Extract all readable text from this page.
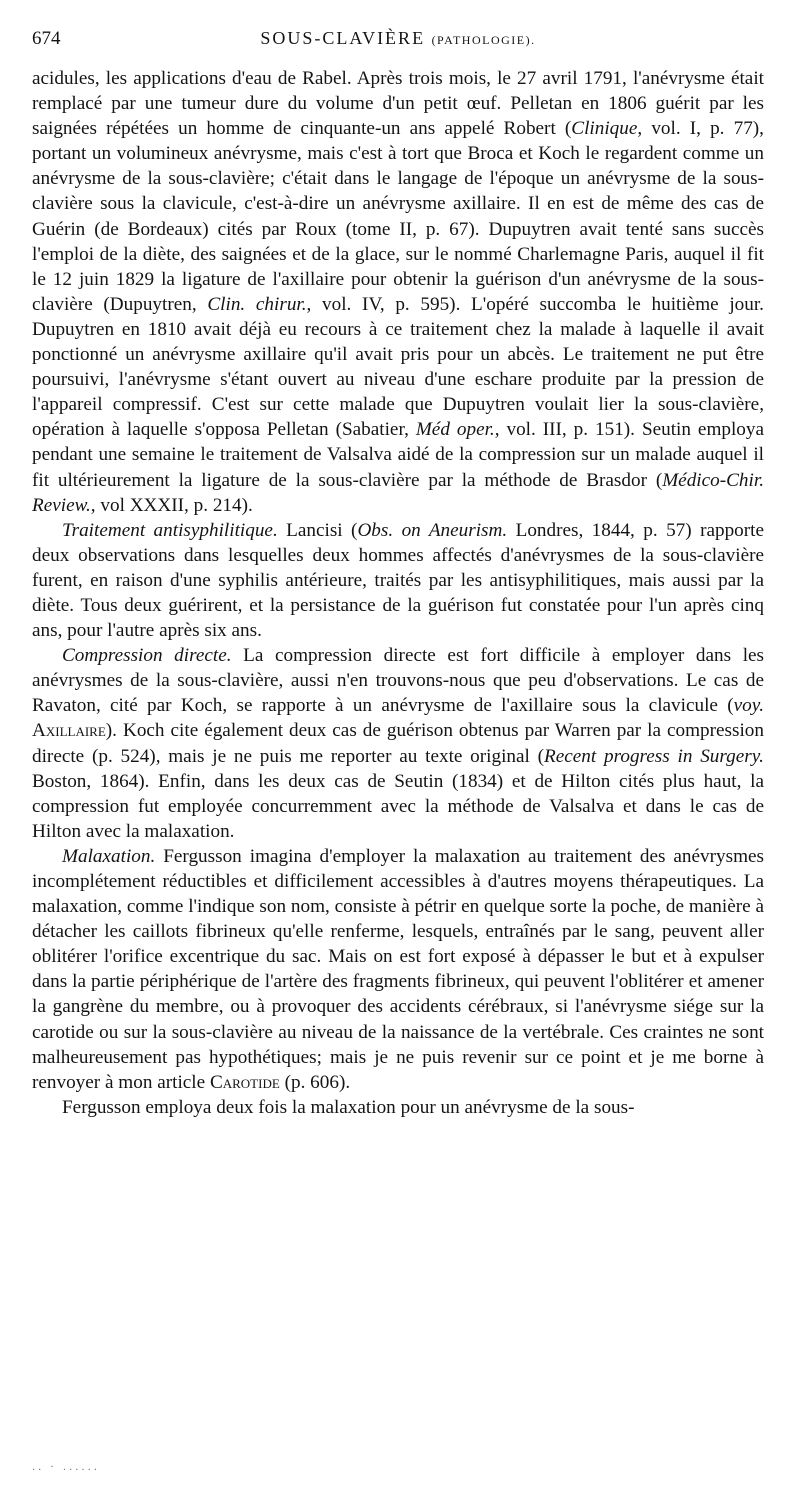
674	SOUS-CLAVIÈRE (PATHOLOGIE).

acidules, les applications d'eau de Rabel. Après trois mois, le 27 avril 1791, l'anévrysme était remplacé par une tumeur dure du volume d'un petit œuf. Pelletan en 1806 guérit par les saignées répétées un homme de cinquante-un ans appelé Robert (Clinique, vol. I, p. 77), portant un volumineux anévrysme, mais c'est à tort que Broca et Koch le regardent comme un anévrysme de la sous-clavière; c'était dans le langage de l'époque un anévrysme de la sous-clavière sous la clavicule, c'est-à-dire un anévrysme axillaire. Il en est de même des cas de Guérin (de Bordeaux) cités par Roux (tome II, p. 67). Dupuytren avait tenté sans succès l'emploi de la diète, des saignées et de la glace, sur le nommé Charlemagne Paris, auquel il fit le 12 juin 1829 la ligature de l'axillaire pour obtenir la guérison d'un anévrysme de la sous-clavière (Dupuytren, Clin. chirur., vol. IV, p. 595). L'opéré succomba le huitième jour. Dupuytren en 1810 avait déjà eu recours à ce traitement chez la malade à laquelle il avait ponctionné un anévrysme axillaire qu'il avait pris pour un abcès. Le traitement ne put être poursuivi, l'anévrysme s'étant ouvert au niveau d'une eschare produite par la pression de l'appareil compressif. C'est sur cette malade que Dupuytren voulait lier la sous-clavière, opération à laquelle s'opposa Pelletan (Sabatier, Méd oper., vol. III, p. 151). Seutin employa pendant une semaine le traitement de Valsalva aidé de la compression sur un malade auquel il fit ultérieurement la ligature de la sous-clavière par la méthode de Brasdor (Médico-Chir. Review., vol XXXII, p. 214).

Traitement antisyphilitique. Lancisi (Obs. on Aneurism. Londres, 1844, p. 57) rapporte deux observations dans lesquelles deux hommes affectés d'anévrysmes de la sous-clavière furent, en raison d'une syphilis antérieure, traités par les antisyphilitiques, mais aussi par la diète. Tous deux guérirent, et la persistance de la guérison fut constatée pour l'un après cinq ans, pour l'autre après six ans.

Compression directe. La compression directe est fort difficile à employer dans les anévrysmes de la sous-clavière, aussi n'en trouvons-nous que peu d'observations. Le cas de Ravaton, cité par Koch, se rapporte à un anévrysme de l'axillaire sous la clavicule (voy. Axillaire). Koch cite également deux cas de guérison obtenus par Warren par la compression directe (p. 524), mais je ne puis me reporter au texte original (Recent progress in Surgery. Boston, 1864). Enfin, dans les deux cas de Seutin (1834) et de Hilton cités plus haut, la compression fut employée concurremment avec la méthode de Valsalva et dans le cas de Hilton avec la malaxation.

Malaxation. Fergusson imagina d'employer la malaxation au traitement des anévrysmes incomplétement réductibles et difficilement accessibles à d'autres moyens thérapeutiques. La malaxation, comme l'indique son nom, consiste à pétrir en quelque sorte la poche, de manière à détacher les caillots fibrineux qu'elle renferme, lesquels, entraînés par le sang, peuvent aller oblitérer l'orifice excentrique du sac. Mais on est fort exposé à dépasser le but et à expulser dans la partie périphérique de l'artère des fragments fibrineux, qui peuvent l'oblitérer et amener la gangrène du membre, ou à provoquer des accidents cérébraux, si l'anévrysme siége sur la carotide ou sur la sous-clavière au niveau de la naissance de la vertébrale. Ces craintes ne sont malheureusement pas hypothétiques; mais je ne puis revenir sur ce point et je me borne à renvoyer à mon article Carotide (p. 606).

Fergusson employa deux fois la malaxation pour un anévrysme de la sous-

.. · ......
